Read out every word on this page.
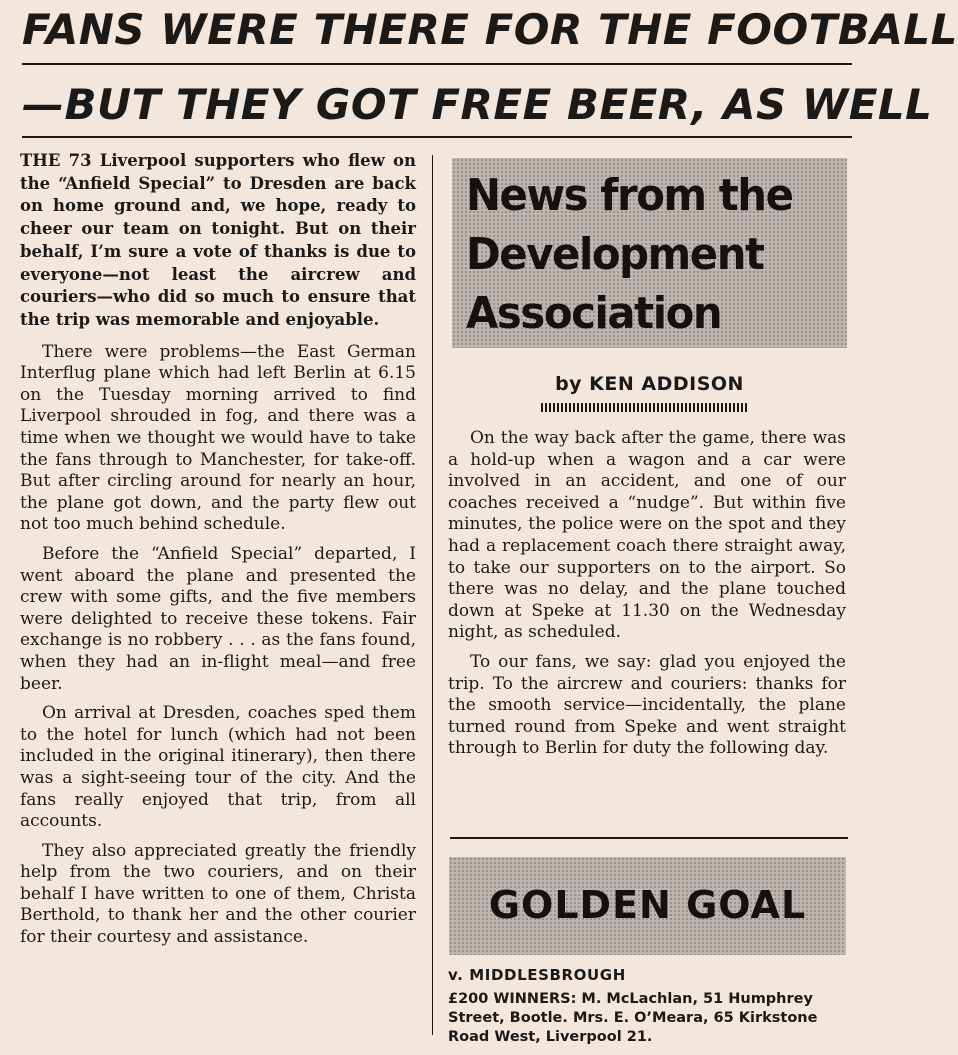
FANS WERE THERE FOR THE FOOTBALL
—BUT THEY GOT FREE BEER, AS WELL

THE 73 Liverpool supporters who flew on the “Anfield Special” to Dresden are back on home ground and, we hope, ready to cheer our team on tonight. But on their behalf, I’m sure a vote of thanks is due to everyone—not least the aircrew and couriers—who did so much to ensure that the trip was memorable and enjoyable.

There were problems—the East German Interflug plane which had left Berlin at 6.15 on the Tuesday morning arrived to find Liverpool shrouded in fog, and there was a time when we thought we would have to take the fans through to Manchester, for take-off. But after circling around for nearly an hour, the plane got down, and the party flew out not too much behind schedule.

Before the “Anfield Special” departed, I went aboard the plane and presented the crew with some gifts, and the five members were delighted to receive these tokens. Fair exchange is no robbery . . . as the fans found, when they had an in-flight meal—and free beer.

On arrival at Dresden, coaches sped them to the hotel for lunch (which had not been included in the original itinerary), then there was a sight-seeing tour of the city. And the fans really enjoyed that trip, from all accounts.

They also appreciated greatly the friendly help from the two couriers, and on their behalf I have written to one of them, Christa Berthold, to thank her and the other courier for their courtesy and assistance.

News from the Development Association
by KEN ADDISON

On the way back after the game, there was a hold-up when a wagon and a car were involved in an accident, and one of our coaches received a “nudge”. But within five minutes, the police were on the spot and they had a replacement coach there straight away, to take our supporters on to the airport. So there was no delay, and the plane touched down at Speke at 11.30 on the Wednesday night, as scheduled.

To our fans, we say: glad you enjoyed the trip. To the aircrew and couriers: thanks for the smooth service—incidentally, the plane turned round from Speke and went straight through to Berlin for duty the following day.

GOLDEN GOAL
v. MIDDLESBROUGH
£200 WINNERS: M. McLachlan, 51 Humphrey Street, Bootle. Mrs. E. O’Meara, 65 Kirkstone Road West, Liverpool 21.
